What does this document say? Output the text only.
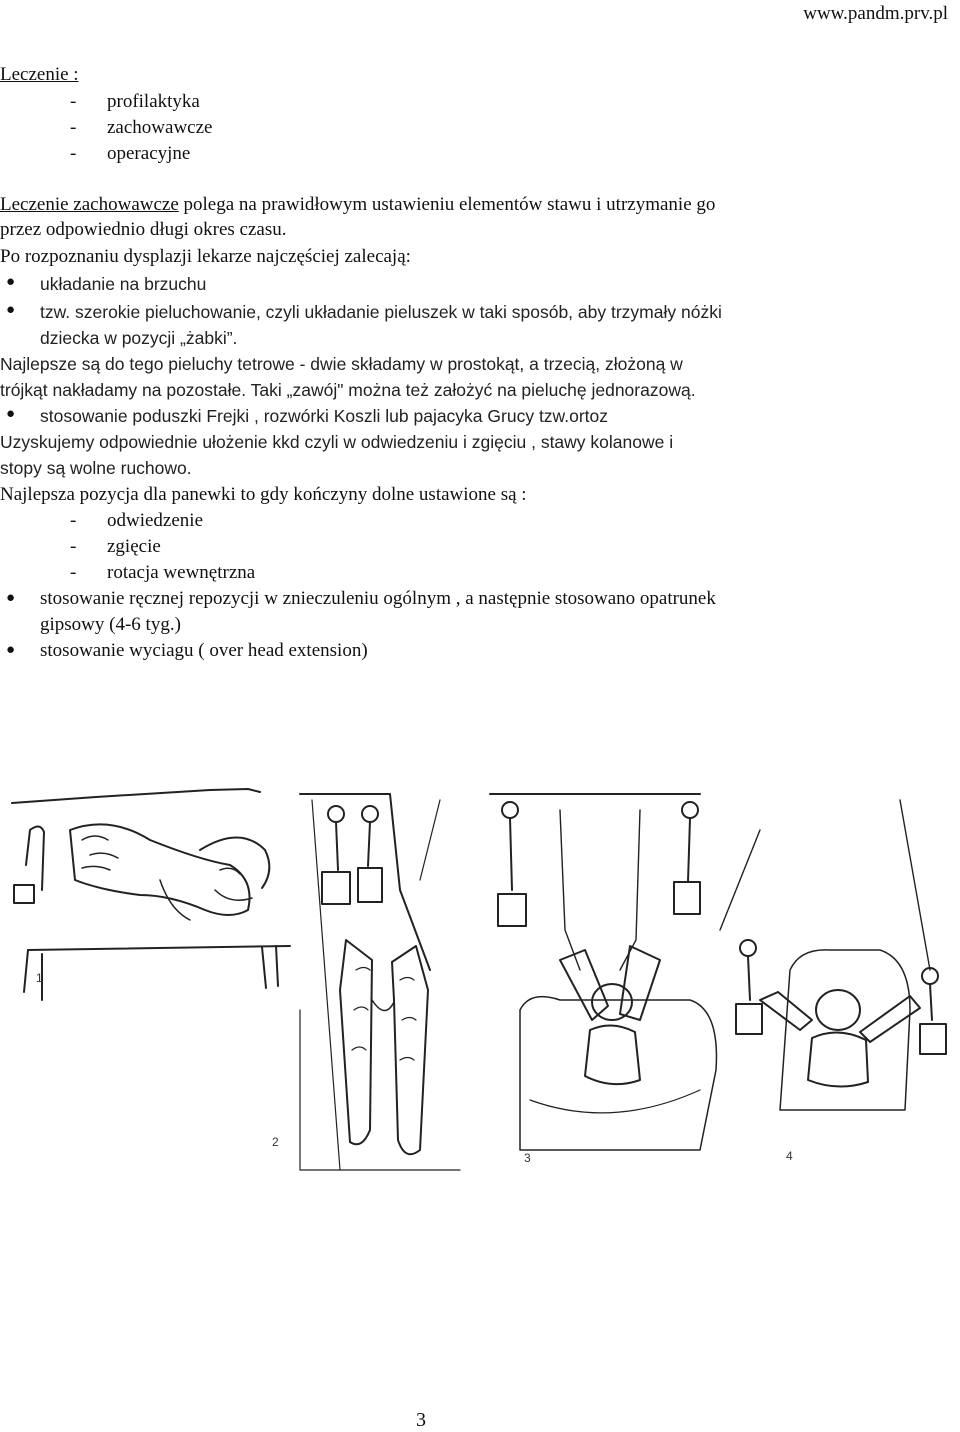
www.pandm.prv.pl
Leczenie :
- profilaktyka
- zachowawcze
- operacyjne
Leczenie zachowawcze polega na prawidłowym ustawieniu elementów stawu i utrzymanie go
przez odpowiednio długi okres czasu.
Po rozpoznaniu dysplazji lekarze najczęściej zalecają:
● układanie na brzuchu
● tzw. szerokie pieluchowanie, czyli układanie pieluszek w taki sposób, aby trzymały nóżki
dziecka w pozycji „żabki”.
Najlepsze są do tego pieluchy tetrowe - dwie składamy w prostokąt, a trzecią, złożoną w
trójkąt nakładamy na pozostałe. Taki „zawój" można też założyć na pieluchę jednorazową.
● stosowanie poduszki Frejki , rozwórki Koszli lub pajacyka Grucy tzw.ortoz
Uzyskujemy odpowiednie ułożenie kkd czyli w odwiedzeniu i zgięciu , stawy kolanowe i
stopy są wolne ruchowo.
Najlepsza pozycja dla panewki to gdy kończyny dolne ustawione są :
- odwiedzenie
- zgięcie
- rotacja wewnętrzna
● stosowanie ręcznej repozycji w znieczuleniu ogólnym , a następnie stosowano opatrunek
gipsowy (4-6 tyg.)
● stosowanie wyciagu ( over head extension)
1
2
3	4
3
